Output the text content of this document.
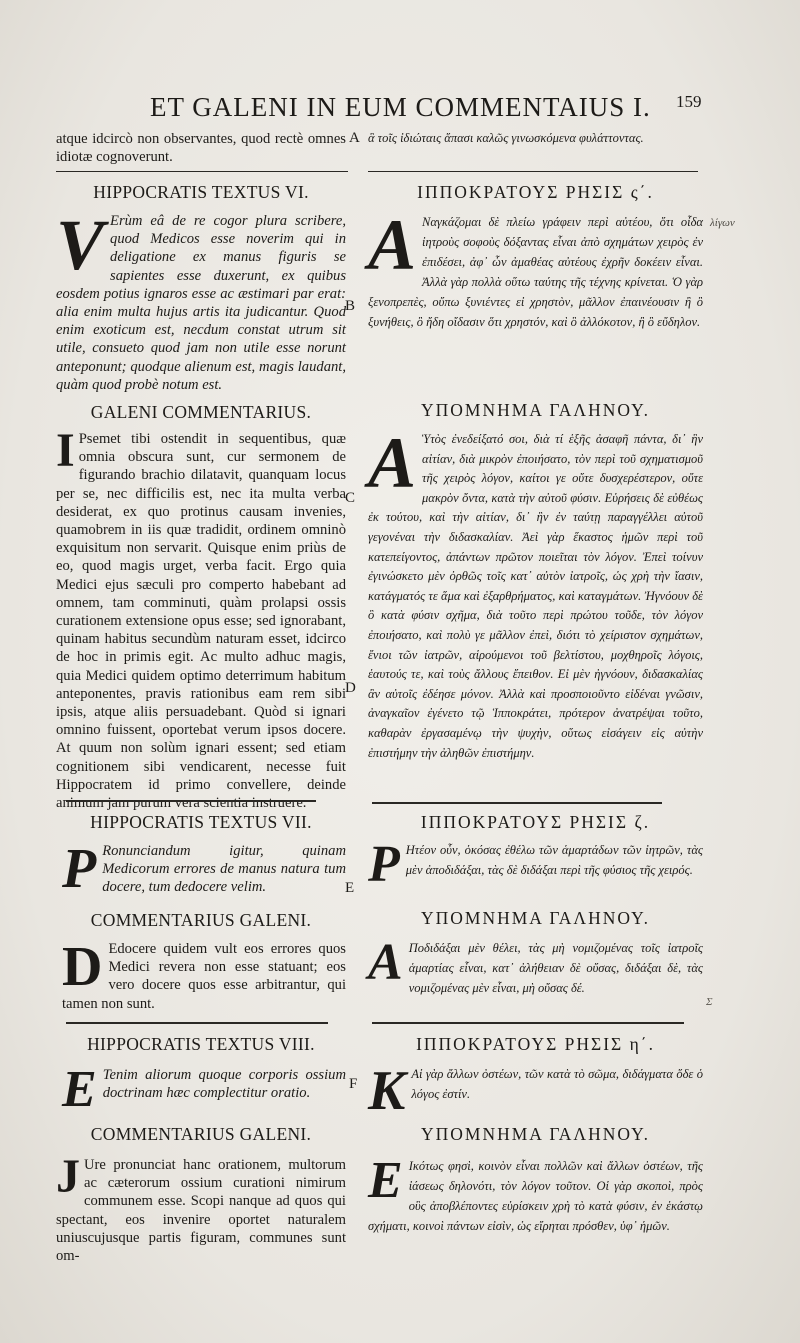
ET GALENI IN EUM COMMENTAIUS I. 159

atque idcircò non observantes, quod rectè omnes idiotæ cognoverunt.

A ἃ τοῖς ἰδιώταις ἅπασι καλῶς γινωσκόμενα φυλάττοντας.

HIPPOCRATIS TEXTUS VI.
V Erùm eâ de re cogor plura scribere, quod Medicos esse noverim qui in deligatione ex manus figuris se sapientes esse duxerunt, ex quibus eosdem potius ignaros esse ac æstimari par erat: alia enim multa hujus artis ita judicantur. Quod enim exoticum est, necdum constat utrum sit utile, consueto quod jam non utile esse norunt anteponunt; quodque alienum est, magis laudant, quàm quod probè notum est.

B
ΙΠΠΟΚΡΑΤΟΥΣ ΡΗΣΙΣ ς΄.
A Ναγκάζομαι δὲ πλείω γράφειν περὶ αὐτέου, ὅτι οἶδα ἰητροὺς σοφοὺς δόξαντας εἶναι ἀπὸ σχημάτων χειρὸς ἐν ἐπιδέσει, ἀφ᾽ ὧν ἀμαθέας αὐτέους ἐχρῆν δοκέειν εἶναι. Ἀλλὰ γὰρ πολλὰ οὕτω ταύτης τῆς τέχνης κρίνεται. Ὁ γὰρ ξενοπρεπὲς, οὔπω ξυνιέντες εἰ χρηστὸν, μᾶλλον ἐπαινέουσιν ἢ ὃ ξυνήθεις, ὃ ἤδη οἴδασιν ὅτι χρηστόν, καὶ ὃ ἀλλόκοτον, ἢ ὃ εὔδηλον.

λίγων
GALENI COMMENTARIUS.
I Psemet tibi ostendit in sequentibus, quæ omnia obscura sunt, cur sermonem de figurando brachio dilatavit, quanquam locus per se, nec difficilis est, nec ita multa verba desiderat, ex quo protinus causam invenies, quamobrem in iis quæ tradidit, ordinem omninò exquisitum non servarit. Quisque enim priùs de eo, quod magis urget, verba facit. Ergo quia Medici ejus sæculi pro comperto habebant ad omnem, tam comminuti, quàm prolapsi ossis curationem extensione opus esse; sed ignorabant, quinam habitus secundùm naturam esset, idcirco de hoc in primis egit. Ac multo adhuc magis, quia Medici quidem optimo deterrimum habitum anteponentes, pravis rationibus eam rem sibi ipsis, atque aliis persuadebant. Quòd si ignari omnino fuissent, oportebat verum ipsos docere. At quum non solùm ignari essent; sed etiam cognitionem sibi vendicarent, necesse fuit Hippocratem id primo convellere, deinde animum jam purum vera scientia instruere.

C
D
ΥΠΟΜΝΗΜΑ ΓΑΛΗΝΟΥ.
A Ὑτὸς ἐνεδείξατό σοι, διὰ τί ἑξῆς ἀσαφῆ πάντα, δι᾽ ἣν αἰτίαν, διὰ μικρὸν ἐποιήσατο, τὸν περὶ τοῦ σχηματισμοῦ τῆς χειρὸς λόγον, καίτοι γε οὔτε δυσχερέστερον, οὔτε μακρὸν ὄντα, κατὰ τὴν αὐτοῦ φύσιν. Εὑρήσεις δὲ εὐθέως ἐκ τούτου, καὶ τὴν αἰτίαν, δι᾽ ἣν ἐν ταύτῃ παραγγέλλει αὐτοῦ γεγονέναι τὴν διδασκαλίαν. Ἀεὶ γὰρ ἕκαστος ἡμῶν περὶ τοῦ κατεπείγοντος, ἀπάντων πρῶτον ποιεῖται τὸν λόγον. Ἐπεὶ τοίνυν ἐγινώσκετο μὲν ὀρθῶς τοῖς κατ᾽ αὐτὸν ἰατροῖς, ὡς χρὴ τὴν ἴασιν, κατάγματός τε ἅμα καὶ ἐξαρθρήματος, καὶ καταγμάτων. Ἠγνόουν δὲ ὃ κατὰ φύσιν σχῆμα, διὰ τοῦτο περὶ πρώτου τοῦδε, τὸν λόγον ἐποιήσατο, καὶ πολὺ γε μᾶλλον ἐπεὶ, διότι τὸ χείριστον σχημάτων, ἔνιοι τῶν ἰατρῶν, αἱρούμενοι τοῦ βελτίστου, μοχθηροῖς λόγοις, ἑαυτούς τε, καὶ τοὺς ἄλλους ἔπειθον. Εἰ μὲν ἠγνόουν, διδασκαλίας ἂν αὐτοῖς ἐδέησε μόνον. Ἀλλὰ καὶ προσποιοῦντο εἰδέναι γνῶσιν, ἀναγκαῖον ἐγένετο τῷ Ἱπποκράτει, πρότερον ἀνατρέψαι τοῦτο, καθαρὰν ἐργασαμένῳ τὴν ψυχὴν, οὕτως εἰσάγειν εἰς αὐτὴν ἐπιστήμην τὴν ἀληθῶν ἐπιστήμην.

HIPPOCRATIS TEXTUS VII.
P Ronunciandum igitur, quinam Medicorum errores de manus natura tum docere, tum dedocere velim.	E
ΙΠΠΟΚΡΑΤΟΥΣ ΡΗΣΙΣ ζ.
P Ητέον οὖν, ὁκόσας ἐθέλω τῶν ἁμαρτάδων τῶν ἰητρῶν, τὰς μὲν ἀποδιδάξαι, τὰς δὲ διδάξαι περὶ τῆς φύσιος τῆς χειρός.

COMMENTARIUS GALENI.
D Edocere quidem vult eos errores quos Medici revera non esse statuant; eos vero docere quos esse arbitrantur, qui tamen non sunt.

ΥΠΟΜΝΗΜΑ ΓΑΛΗΝΟΥ.
A Ποδιδάξαι μὲν θέλει, τὰς μὴ νομιζομένας τοῖς ἰατροῖς ἁμαρτίας εἶναι, κατ᾽ ἀλήθειαν δὲ οὔσας, διδάξαι δὲ, τὰς νομιζομένας μὲν εἶναι, μὴ οὔσας δέ.

Σ
HIPPOCRATIS TEXTUS VIII.
E Tenim aliorum quoque corporis ossium doctrinam hæc complectitur oratio.

F
ΙΠΠΟΚΡΑΤΟΥΣ ΡΗΣΙΣ η΄.
K Αἱ γὰρ ἄλλων ὀστέων, τῶν κατὰ τὸ σῶμα, διδάγματα ὅδε ὁ λόγος ἐστίν.

COMMENTARIUS GALENI.
J Ure pronunciat hanc orationem, multorum ac cæterorum ossium curationi nimirum communem esse. Scopi nanque ad quos qui spectant, eos invenire oportet naturalem uniuscujusque partis figuram, communes sunt om-

ΥΠΟΜΝΗΜΑ ΓΑΛΗΝΟΥ.
E Ικότως φησὶ, κοινὸν εἶναι πολλῶν καὶ ἄλλων ὀστέων, τῆς ἰάσεως δηλονότι, τὸν λόγον τοῦτον. Οἱ γὰρ σκοποὶ, πρὸς οὓς ἀποβλέποντες εὑρίσκειν χρὴ τὸ κατὰ φύσιν, ἐν ἑκάστῳ σχήματι, κοινοὶ πάντων εἰσὶν, ὡς εἴρηται πρόσθεν, ὑφ᾽ ἡμῶν.
